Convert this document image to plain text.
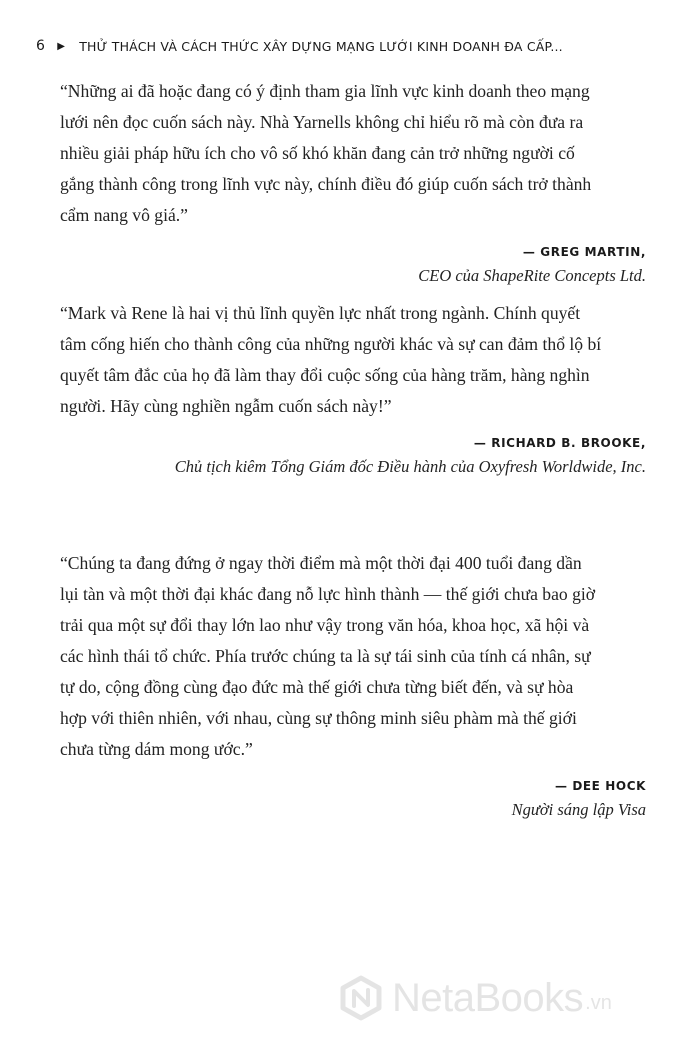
6 ▶ THỬ THÁCH VÀ CÁCH THỨC XÂY DỰNG MẠNG LƯỚI KINH DOANH ĐA CẤP...

“Những ai đã hoặc đang có ý định tham gia lĩnh vực kinh doanh theo mạng
lưới nên đọc cuốn sách này. Nhà Yarnells không chỉ hiểu rõ mà còn đưa ra
nhiều giải pháp hữu ích cho vô số khó khăn đang cản trở những người cố
gắng thành công trong lĩnh vực này, chính điều đó giúp cuốn sách trở thành
cẩm nang vô giá.”

— GREG MARTIN,
CEO của ShapeRite Concepts Ltd.

“Mark và Rene là hai vị thủ lĩnh quyền lực nhất trong ngành. Chính quyết
tâm cống hiến cho thành công của những người khác và sự can đảm thổ lộ bí
quyết tâm đắc của họ đã làm thay đổi cuộc sống của hàng trăm, hàng nghìn
người. Hãy cùng nghiền ngẫm cuốn sách này!”

— RICHARD B. BROOKE,
Chủ tịch kiêm Tổng Giám đốc Điều hành của Oxyfresh Worldwide, Inc.

“Chúng ta đang đứng ở ngay thời điểm mà một thời đại 400 tuổi đang dần
lụi tàn và một thời đại khác đang nỗ lực hình thành — thế giới chưa bao giờ
trải qua một sự đổi thay lớn lao như vậy trong văn hóa, khoa học, xã hội và
các hình thái tổ chức. Phía trước chúng ta là sự tái sinh của tính cá nhân, sự
tự do, cộng đồng cùng đạo đức mà thế giới chưa từng biết đến, và sự hòa
hợp với thiên nhiên, với nhau, cùng sự thông minh siêu phàm mà thế giới
chưa từng dám mong ước.”

— DEE HOCK
Người sáng lập Visa
NetaBooks .vn
